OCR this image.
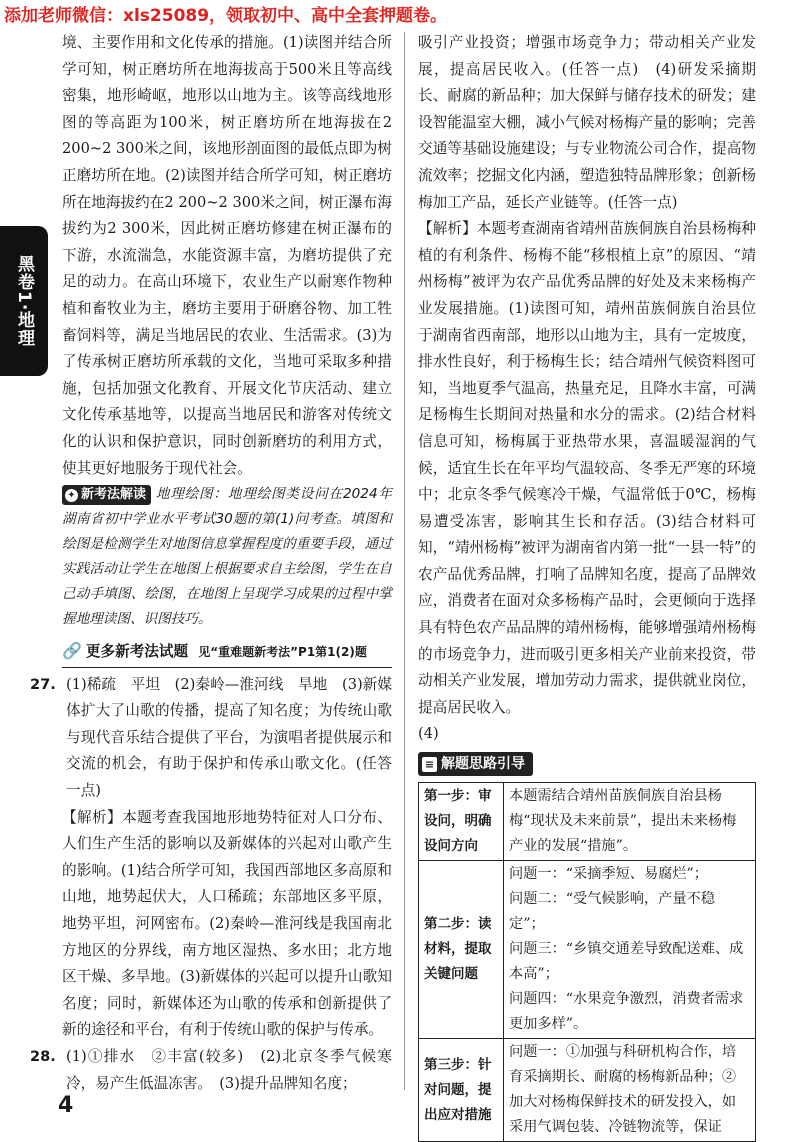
添加老师微信：xls25089，领取初中、高中全套押题卷。
黑卷1·地理

境、主要作用和文化传承的措施。(1)读图并结合所学可知，树正磨坊所在地海拔高于500米且等高线密集，地形崎岖，地形以山地为主。该等高线地形图的等高距为100米，树正磨坊所在地海拔在2 200~2 300米之间，该地形剖面图的最低点即为树正磨坊所在地。(2)读图并结合所学可知，树正磨坊所在地海拔约在2 200~2 300米之间，树正瀑布海拔约为2 300米，因此树正磨坊修建在树正瀑布的下游，水流湍急，水能资源丰富，为磨坊提供了充足的动力。在高山环境下，农业生产以耐寒作物种植和畜牧业为主，磨坊主要用于研磨谷物、加工牲畜饲料等，满足当地居民的农业、生活需求。(3)为了传承树正磨坊所承载的文化，当地可采取多种措施，包括加强文化教育、开展文化节庆活动、建立文化传承基地等，以提高当地居民和游客对传统文化的认识和保护意识，同时创新磨坊的利用方式，使其更好地服务于现代社会。

✦ 新考法解读 地理绘图：地理绘图类设问在2024年湖南省初中学业水平考试30题的第(1)问考查。填图和绘图是检测学生对地图信息掌握程度的重要手段，通过实践活动让学生在地图上根据要求自主绘图，学生在自己动手填图、绘图，在地图上呈现学习成果的过程中掌握地理读图、识图技巧。

🔗 更多新考法试题 见“重难题新考法”P1第1(2)题

27. (1)稀疏　平坦　(2)秦岭—淮河线　旱地　(3)新媒体扩大了山歌的传播，提高了知名度；为传统山歌与现代音乐结合提供了平台，为演唱者提供展示和交流的机会，有助于保护和传承山歌文化。(任答一点)

【解析】本题考查我国地形地势特征对人口分布、人们生产生活的影响以及新媒体的兴起对山歌产生的影响。(1)结合所学可知，我国西部地区多高原和山地，地势起伏大，人口稀疏；东部地区多平原，地势平坦，河网密布。(2)秦岭—淮河线是我国南北方地区的分界线，南方地区湿热、多水田；北方地区干燥、多旱地。(3)新媒体的兴起可以提升山歌知名度；同时，新媒体还为山歌的传承和创新提供了新的途径和平台，有利于传统山歌的保护与传承。

28. (1)①排水　②丰富(较多)　(2)北京冬季气候寒冷，易产生低温冻害。　(3)提升品牌知名度；

吸引产业投资；增强市场竞争力；带动相关产业发展，提高居民收入。(任答一点)　(4)研发采摘期长、耐腐的新品种；加大保鲜与储存技术的研发；建设智能温室大棚，减小气候对杨梅产量的影响；完善交通等基础设施建设；与专业物流公司合作，提高物流效率；挖掘文化内涵，塑造独特品牌形象；创新杨梅加工产品，延长产业链等。(任答一点)

【解析】本题考查湖南省靖州苗族侗族自治县杨梅种植的有利条件、杨梅不能“移根植上京”的原因、“靖州杨梅”被评为农产品优秀品牌的好处及未来杨梅产业发展措施。(1)读图可知，靖州苗族侗族自治县位于湖南省西南部，地形以山地为主，具有一定坡度，排水性良好，利于杨梅生长；结合靖州气候资料图可知，当地夏季气温高，热量充足，且降水丰富，可满足杨梅生长期间对热量和水分的需求。(2)结合材料信息可知，杨梅属于亚热带水果，喜温暖湿润的气候，适宜生长在年平均气温较高、冬季无严寒的环境中；北京冬季气候寒冷干燥，气温常低于0℃，杨梅易遭受冻害，影响其生长和存活。(3)结合材料可知，“靖州杨梅”被评为湖南省内第一批“一县一特”的农产品优秀品牌，打响了品牌知名度，提高了品牌效应，消费者在面对众多杨梅产品时，会更倾向于选择具有特色农产品品牌的靖州杨梅，能够增强靖州杨梅的市场竞争力，进而吸引更多相关产业前来投资，带动相关产业发展，增加劳动力需求，提供就业岗位，提高居民收入。

(4)

≡ 解题思路引导
第一步：审设问，明确设问方向	本题需结合靖州苗族侗族自治县杨梅“现状及未来前景”，提出未来杨梅产业的发展“措施”。

第二步：读材料，提取关键问题	问题一：“采摘季短、易腐烂”；
问题二：“受气候影响，产量不稳定”；
问题三：“乡镇交通差导致配送难、成本高”；
问题四：“水果竞争激烈，消费者需求更加多样”。

第三步：针对问题，提出应对措施	问题一：①加强与科研机构合作，培育采摘期长、耐腐的杨梅新品种；②加大对杨梅保鲜技术的研发投入，如采用气调包装、冷链物流等，保证
4
